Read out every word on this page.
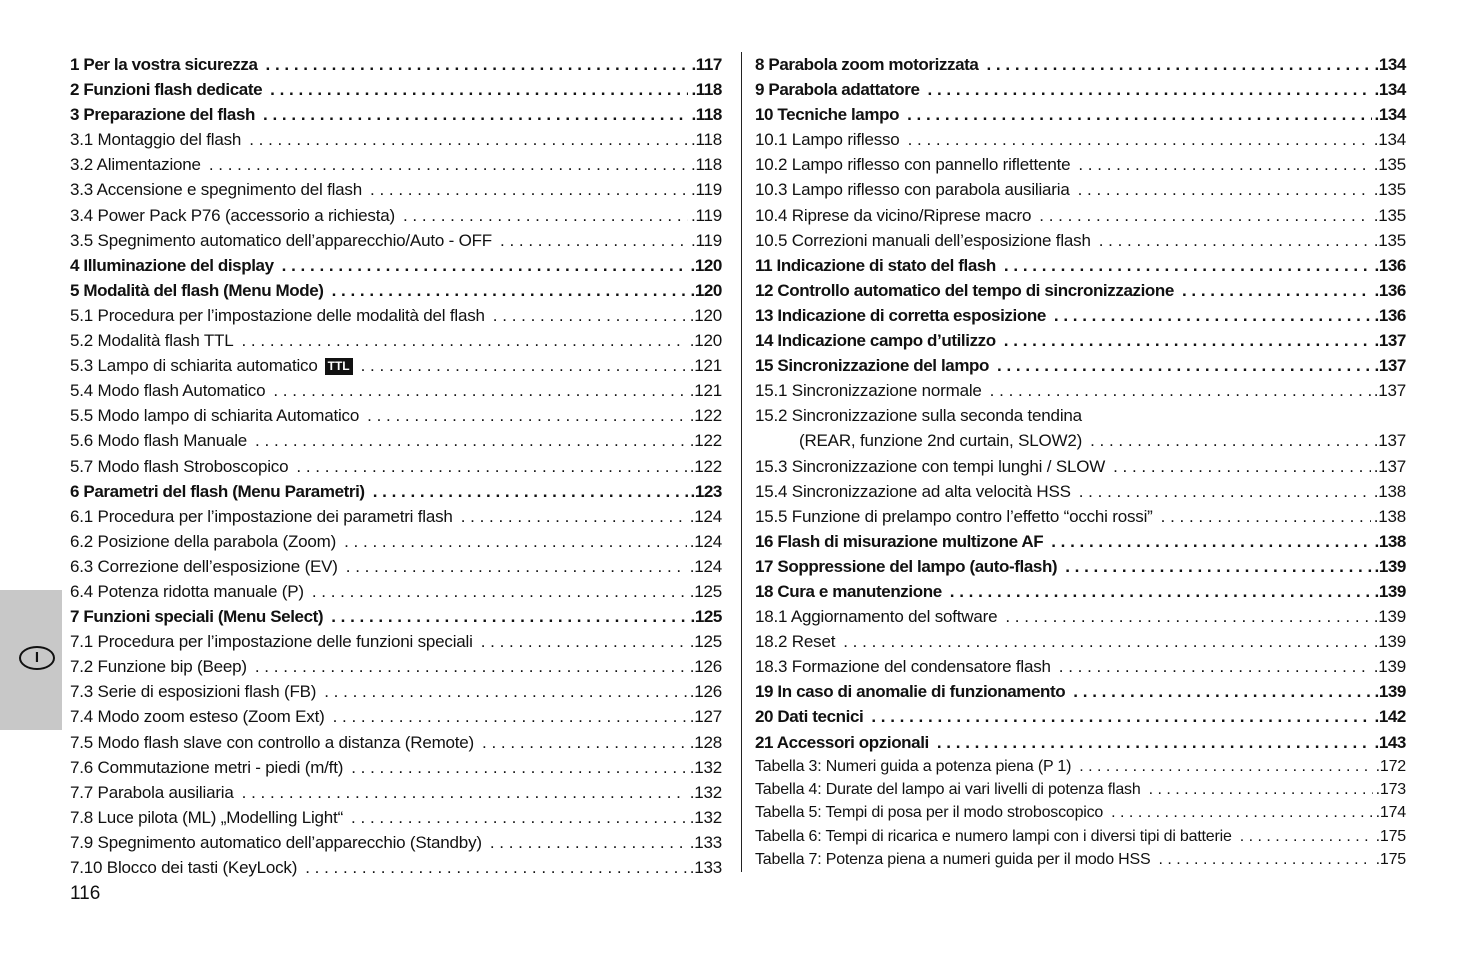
I
1 Per la vostra sicurezza . . .	.117
2 Funzioni flash dedicate . . .	.118
3 Preparazione del flash . . .	.118
3.1 Montaggio del flash . . .	.118
3.2 Alimentazione . . .	.118
3.3 Accensione e spegnimento del flash . . .	.119
3.4 Power Pack P76 (accessorio a richiesta) . . .	.119
3.5 Spegnimento automatico dell’apparecchio/Auto - OFF . . .	.119
4 Illuminazione del display . . .	.120
5 Modalità del flash (Menu Mode) . . .	.120
5.1 Procedura per l’impostazione delle modalità del flash . . .	.120
5.2 Modalità flash TTL . . .	.120
5.3 Lampo di schiarita automatico TTL . . .	.121
5.4 Modo flash Automatico . . .	.121
5.5 Modo lampo di schiarita Automatico . . .	.122
5.6 Modo flash Manuale . . .	.122
5.7 Modo flash Stroboscopico . . .	.122
6 Parametri del flash (Menu Parametri) . . .	.123
6.1 Procedura per l’impostazione dei parametri flash . . .	.124
6.2 Posizione della parabola (Zoom) . . .	.124
6.3 Correzione dell’esposizione (EV) . . .	.124
6.4 Potenza ridotta manuale (P) . . .	.125
7 Funzioni speciali (Menu Select) . . .	.125
7.1 Procedura per l’impostazione delle funzioni speciali . . .	.125
7.2 Funzione bip (Beep) . . .	.126
7.3 Serie di esposizioni flash (FB) . . .	.126
7.4 Modo zoom esteso (Zoom Ext) . . .	.127
7.5 Modo flash slave con controllo a distanza (Remote) . . .	.128
7.6 Commutazione metri - piedi (m/ft) . . .	.132
7.7 Parabola ausiliaria . . .	.132
7.8 Luce pilota (ML) „Modelling Light“ . . .	.132
7.9 Spegnimento automatico dell’apparecchio (Standby) . . .	.133
7.10 Blocco dei tasti (KeyLock) . . .	.133
8 Parabola zoom motorizzata . . .	.134
9 Parabola adattatore . . .	.134
10 Tecniche lampo . . .	.134
10.1 Lampo riflesso . . .	.134
10.2 Lampo riflesso con pannello riflettente . . .	.135
10.3 Lampo riflesso con parabola ausiliaria . . .	.135
10.4 Riprese da vicino/Riprese macro . . .	.135
10.5 Correzioni manuali dell’esposizione flash . . .	.135
11 Indicazione di stato del flash . . .	.136
12 Controllo automatico del tempo di sincronizzazione . . .	.136
13 Indicazione di corretta esposizione . . .	.136
14 Indicazione campo d’utilizzo . . .	.137
15 Sincronizzazione del lampo . . .	.137
15.1 Sincronizzazione normale . . .	.137
15.2 Sincronizzazione sulla seconda tendina
(REAR, funzione 2nd curtain, SLOW2) . . .	.137
15.3 Sincronizzazione con tempi lunghi / SLOW . . .	.137
15.4 Sincronizzazione ad alta velocità HSS . . .	.138
15.5 Funzione di prelampo contro l’effetto “occhi rossi” . . .	.138
16 Flash di misurazione multizone AF . . .	.138
17 Soppressione del lampo (auto-flash) . . .	.139
18 Cura e manutenzione . . .	.139
18.1 Aggiornamento del software . . .	.139
18.2 Reset . . .	.139
18.3 Formazione del condensatore flash . . .	.139
19 In caso di anomalie di funzionamento . . .	.139
20 Dati tecnici . . .	.142
21 Accessori opzionali . . .	.143
Tabella 3: Numeri guida a potenza piena (P 1) . . .	.172
Tabella 4: Durate del lampo ai vari livelli di potenza flash . . .	.173
Tabella 5: Tempi di posa per il modo stroboscopico . . .	.174
Tabella 6: Tempi di ricarica e numero lampi con i diversi tipi di batterie . . .	.175
Tabella 7: Potenza piena a numeri guida per il modo HSS . . .	.175
116
